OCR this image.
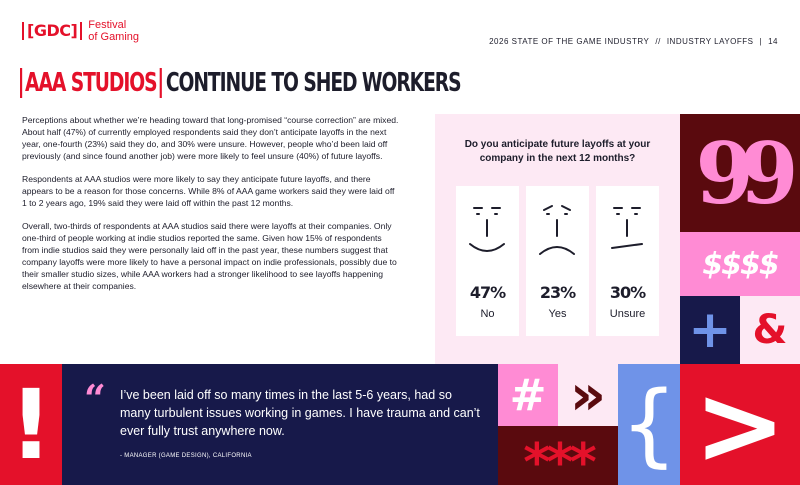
[GDC]	Festival
of Gaming	2026 STATE OF THE GAME INDUSTRY // INDUSTRY LAYOFFS | 14
AAA STUDIOS CONTINUE TO SHED WORKERS

Perceptions about whether we’re heading toward that long-promised “course correction” are mixed. About half (47%) of currently employed respondents said they don’t anticipate layoffs in the next year, one-fourth (23%) said they do, and 30% were unsure. However, people who’d been laid off previously (and since found another job) were more likely to feel unsure (40%) of future layoffs.

Respondents at AAA studios were more likely to say they anticipate future layoffs, and there appears to be a reason for those concerns. While 8% of AAA game workers said they were laid off 1 to 2 years ago, 19% said they were laid off within the past 12 months.

Overall, two-thirds of respondents at AAA studios said there were layoffs at their companies. Only one-third of people working at indie studios reported the same. Given how 15% of respondents from indie studios said they were personally laid off in the past year, these numbers suggest that company layoffs were more likely to have a personal impact on indie professionals, possibly due to their smaller studio sizes, while AAA workers had a stronger likelihood to see layoffs happening elsewhere at their companies.

Do you anticipate future layoffs at your company in the next 12 months?
47%
No
23%
Yes
30%
Unsure
99
$$$$
+ &
! “ I’ve been laid off so many times in the last 5-6 years, had so many turbulent issues working in games. I have trauma and can’t ever fully trust anywhere now.
- MANAGER (GAME DESIGN), CALIFORNIA
# »
*** { >
